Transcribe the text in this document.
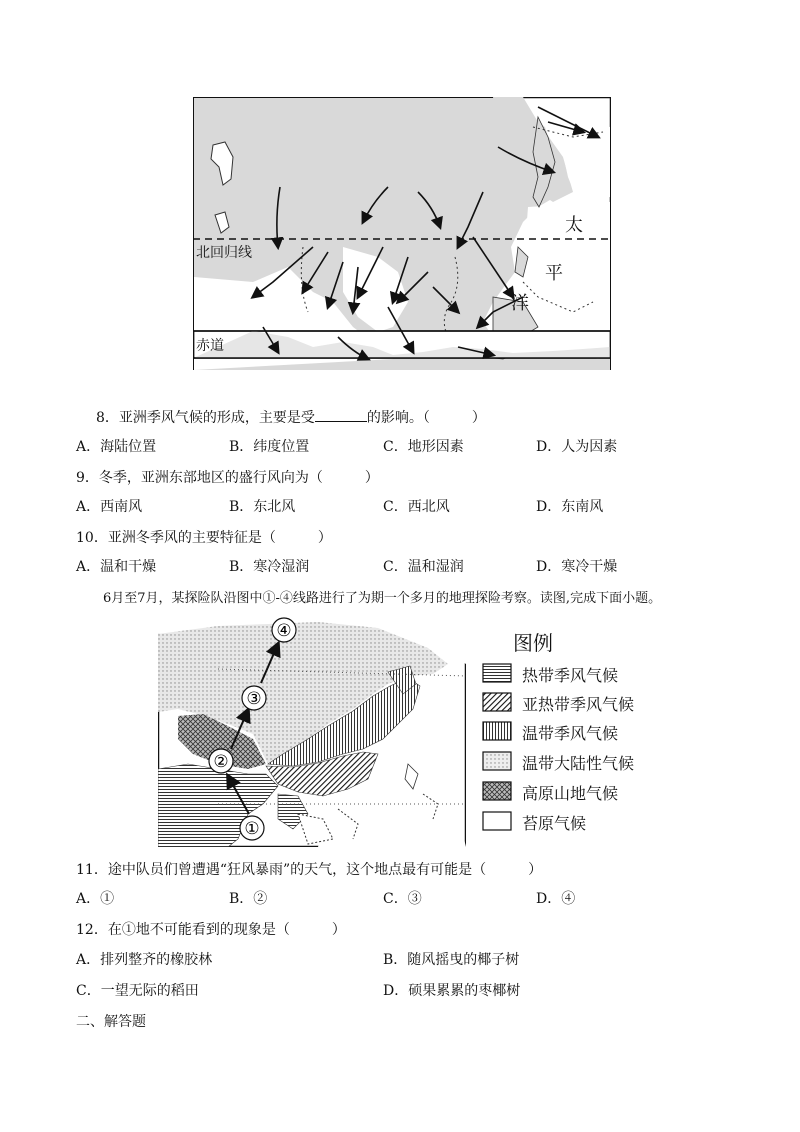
北回归线
赤道
太
平
洋
8．亚洲季风气候的形成，主要是受	的影响。（　　　）
A．海陆位置	B．纬度位置	C．地形因素	D．人为因素
9．冬季，亚洲东部地区的盛行风向为（　　　）
A．西南风	B．东北风	C．西北风	D．东南风
10．亚洲冬季风的主要特征是（　　　）
A．温和干燥	B．寒冷湿润	C．温和湿润	D．寒冷干燥
6月至7月，某探险队沿图中①-④线路进行了为期一个多月的地理探险考察。读图,完成下面小题。
①
②
③
④	图例
热带季风气候
亚热带季风气候
温带季风气候
温带大陆性气候
高原山地气候
苔原气候
11．途中队员们曾遭遇“狂风暴雨”的天气，这个地点最有可能是（　　　）
A．①	B．②	C．③	D．④
12．在①地不可能看到的现象是（　　　）
A．排列整齐的橡胶林	B．随风摇曳的椰子树
C．一望无际的稻田	D．硕果累累的枣椰树
二、解答题
